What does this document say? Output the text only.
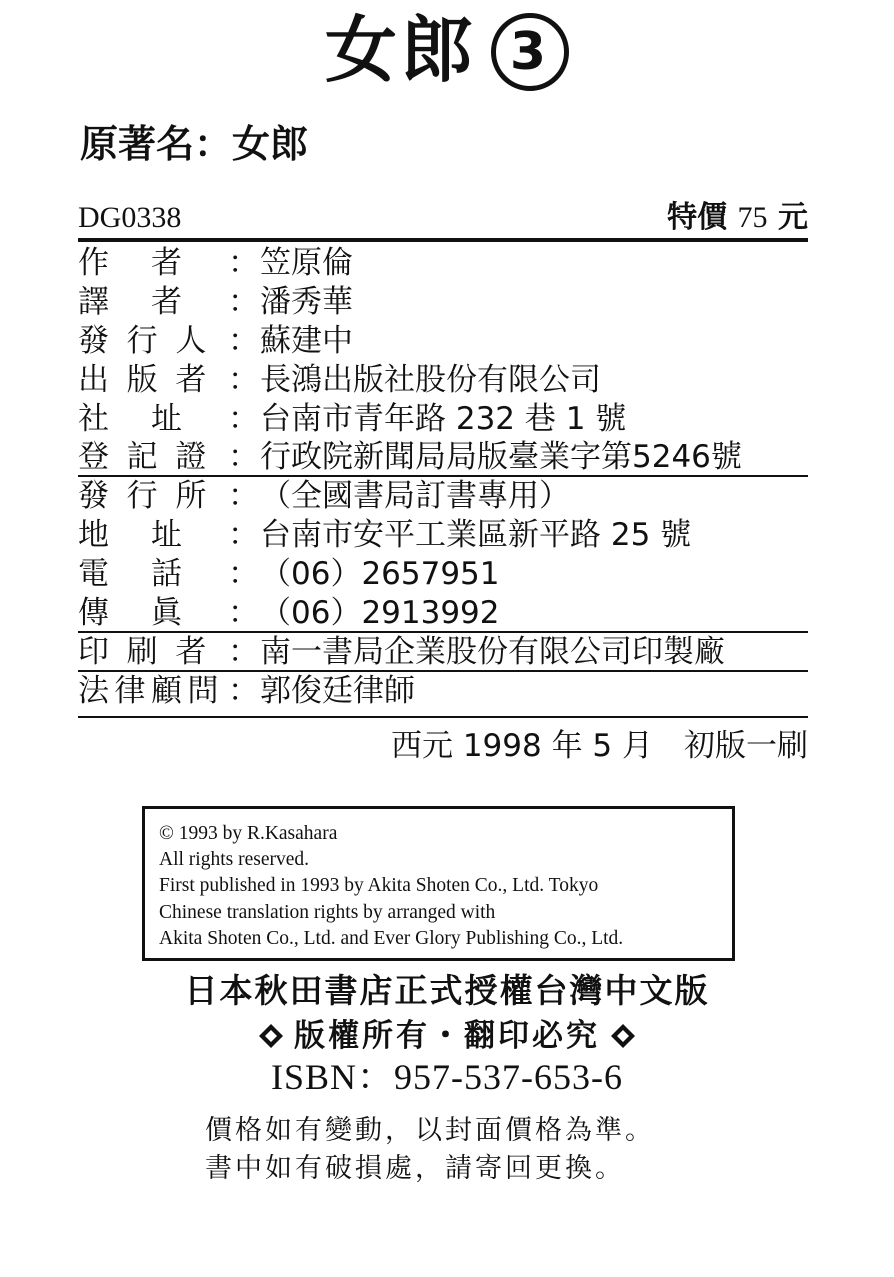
女郎 3
原著名：女郎
DG0338	特價 75 元
作	者	： 笠原倫
譯	者	： 潘秀華
發 行 人 ： 蘇建中
出 版 者 ： 長鴻出版社股份有限公司
社	址	： 台南市青年路 232 巷 1 號
登 記 證 ： 行政院新聞局局版臺業字第5246號
發 行 所 ： （全國書局訂書專用）
地	址	： 台南市安平工業區新平路 25 號
電	話	： （06）2657951
傳	眞	： （06）2913992
印 刷 者 ： 南一書局企業股份有限公司印製廠
法 律 顧 問 ： 郭俊廷律師
西元 1998 年 5 月　初版一刷
© 1993 by R.Kasahara
All rights reserved.
First published in 1993 by Akita Shoten Co., Ltd. Tokyo
Chinese translation rights by arranged with
Akita Shoten Co., Ltd. and Ever Glory Publishing Co., Ltd.
日本秋田書店正式授權台灣中文版
版權所有・翻印必究
ISBN：957-537-653-6
價格如有變動，以封面價格為準。
書中如有破損處，請寄回更換。
